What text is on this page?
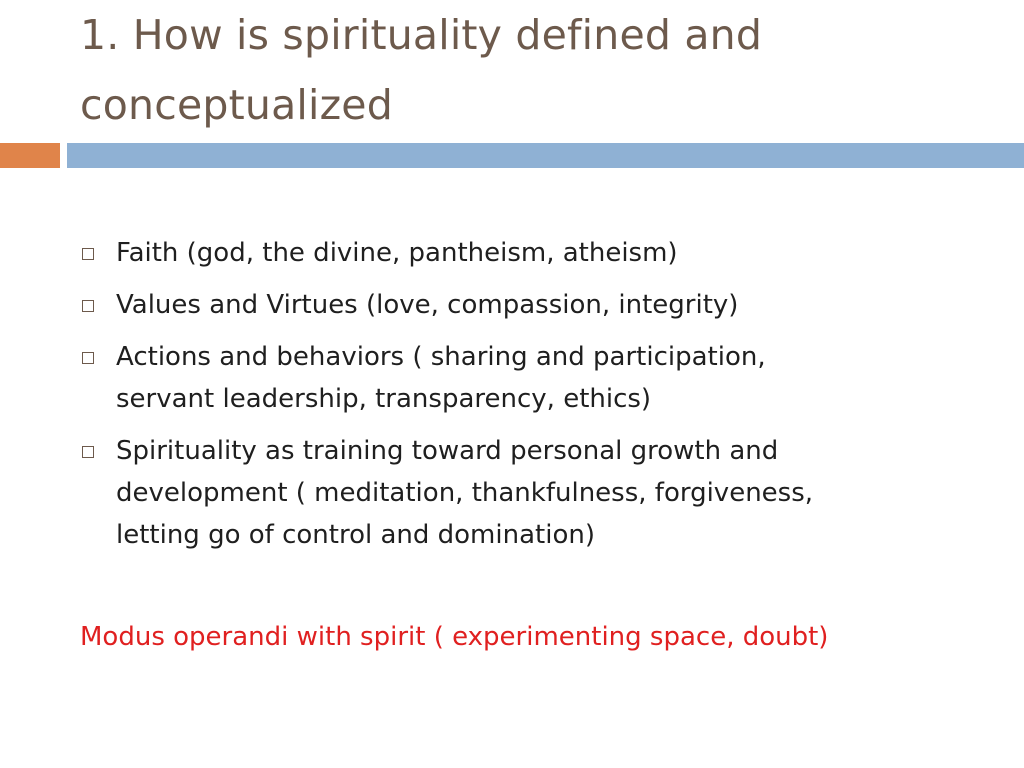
1. How is spirituality defined and
conceptualized
Faith (god, the divine, pantheism, atheism)
Values and Virtues (love, compassion, integrity)
Actions and behaviors ( sharing and participation,
servant leadership, transparency, ethics)
Spirituality as training toward personal growth and
development ( meditation, thankfulness, forgiveness,
letting go of control and domination)
Modus operandi with spirit ( experimenting space, doubt)
